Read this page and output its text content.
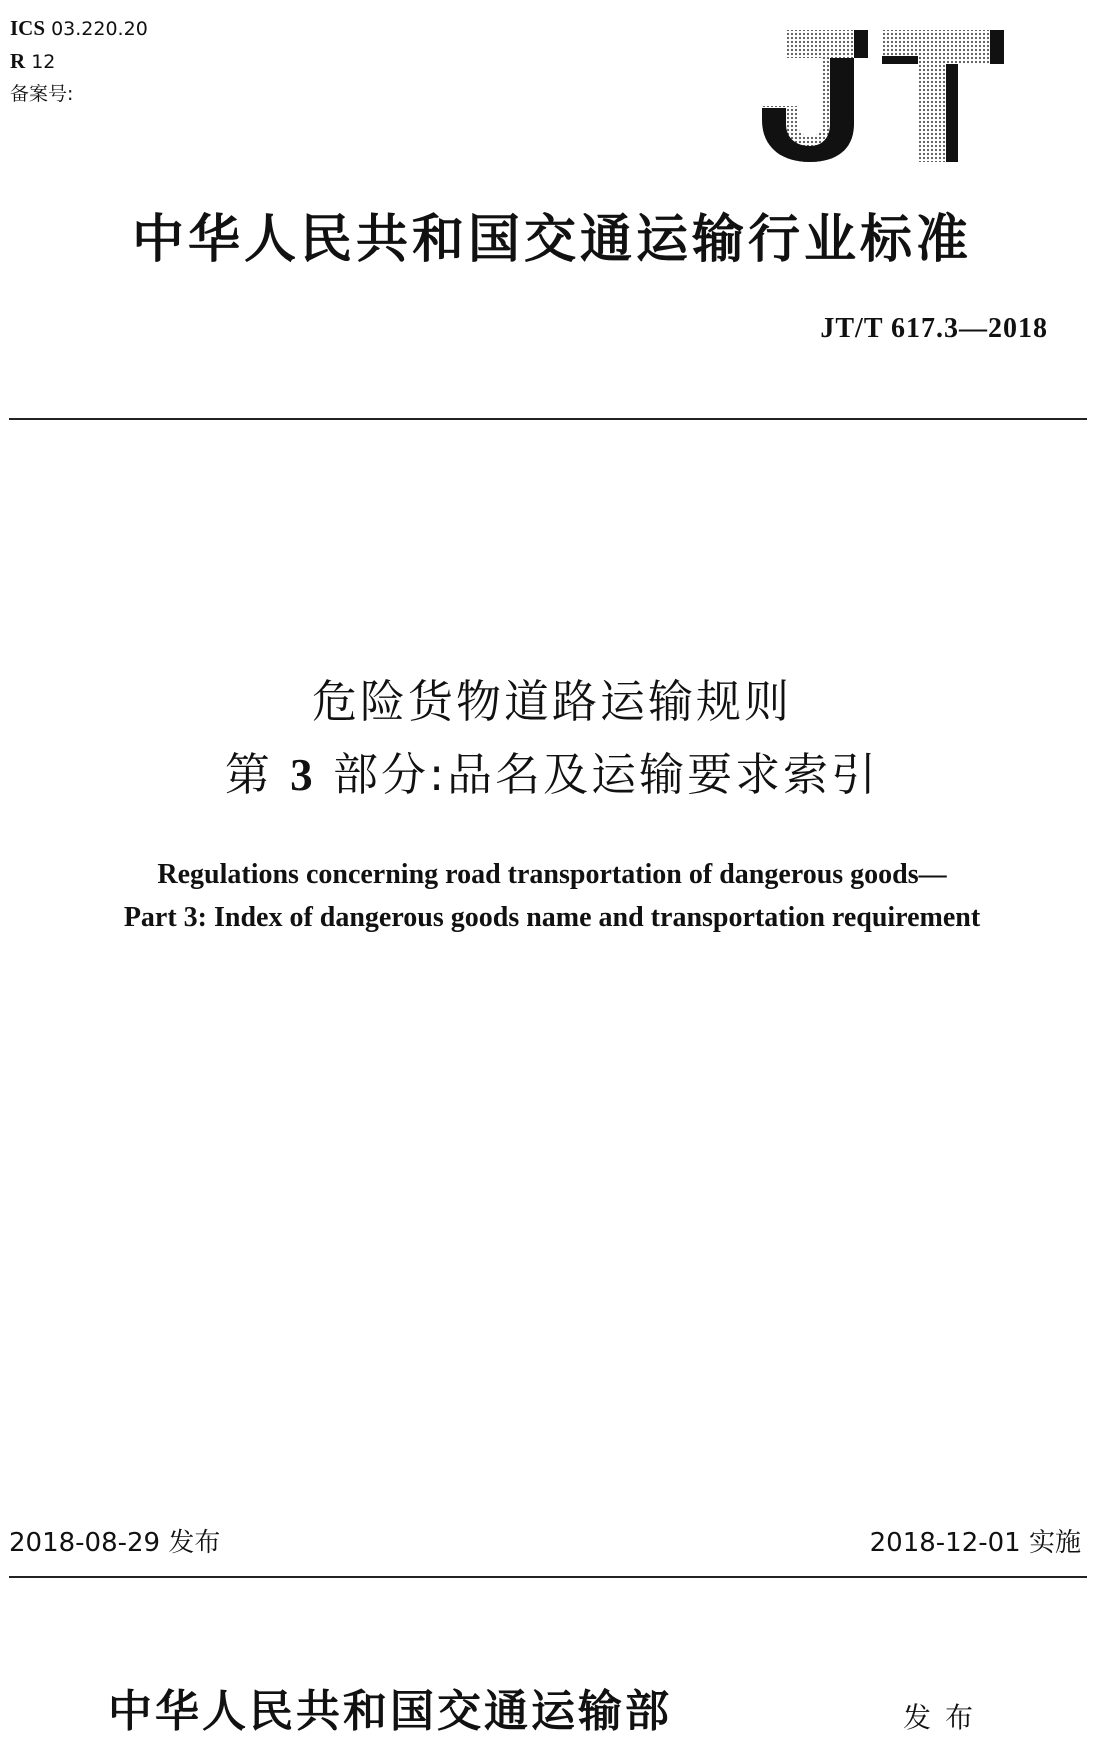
ICS 03.220.20
R 12
备案号:
中华人民共和国交通运输行业标准
JT/T 617.3—2018
危险货物道路运输规则
第 3 部分:品名及运输要求索引
Regulations concerning road transportation of dangerous goods—
Part 3: Index of dangerous goods name and transportation requirement
2018-08-29 发布	2018-12-01 实施
中华人民共和国交通运输部	发布
